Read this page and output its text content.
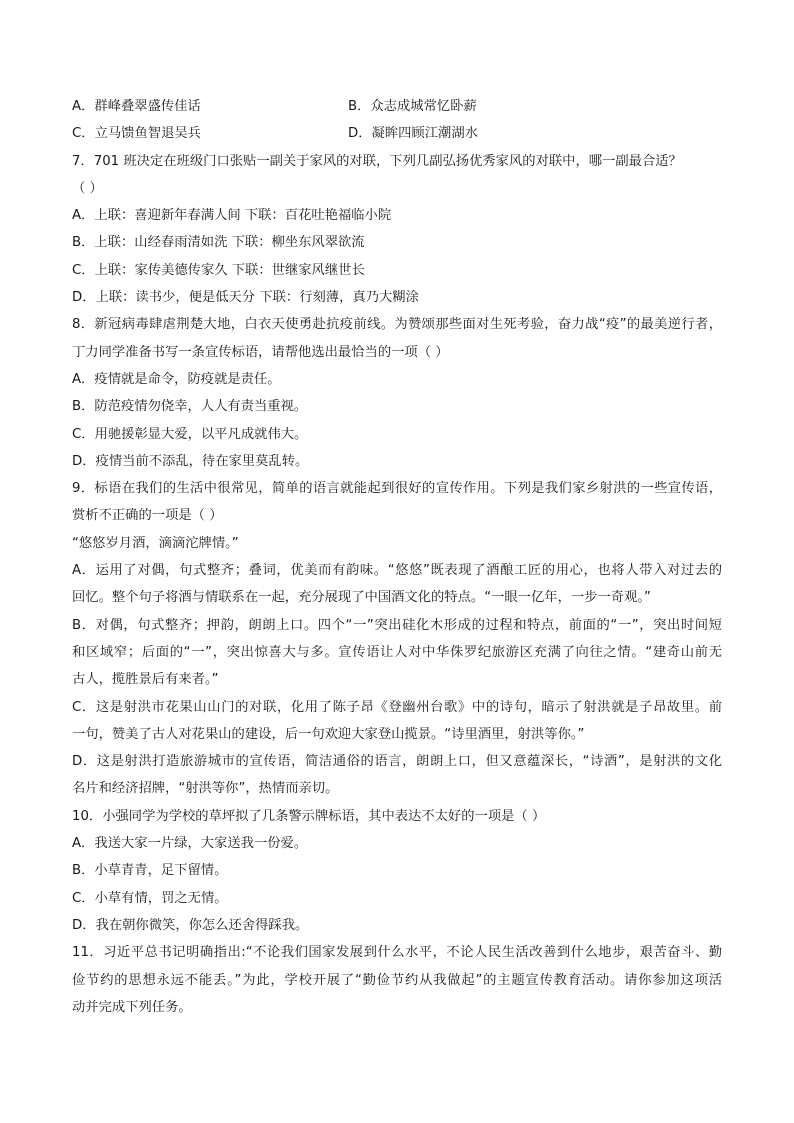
A．群峰叠翠盛传佳话	B．众志成城常忆卧薪
C．立马馈鱼智退吴兵	D．凝眸四顾江潮湖水
7．701 班决定在班级门口张贴一副关于家风的对联，下列几副弘扬优秀家风的对联中，哪一副最合适？
（ ）
A．上联：喜迎新年春满人间 下联：百花吐艳福临小院
B．上联：山经春雨清如洗 下联：柳坐东风翠欲流
C．上联：家传美德传家久 下联：世继家风继世长
D．上联：读书少，便是低天分 下联：行刻薄，真乃大糊涂
8．新冠病毒肆虐荆楚大地，白衣天使勇赴抗疫前线。为赞颂那些面对生死考验，奋力战“疫”的最美逆行者，
丁力同学准备书写一条宣传标语，请帮他选出最恰当的一项（ ）
A．疫情就是命令，防疫就是责任。
B．防范疫情勿侥幸，人人有责当重视。
C．用驰援彰显大爱，以平凡成就伟大。
D．疫情当前不添乱，待在家里莫乱转。
9．标语在我们的生活中很常见，简单的语言就能起到很好的宣传作用。下列是我们家乡射洪的一些宣传语，
赏析不正确的一项是（ ）
“悠悠岁月酒，滴滴沱牌情。”
A．运用了对偶，句式整齐；叠词，优美而有韵味。“悠悠”既表现了酒酿工匠的用心，也将人带入对过去的
回忆。整个句子将酒与情联系在一起，充分展现了中国酒文化的特点。“一眼一亿年，一步一奇观。”
B．对偶，句式整齐；押韵，朗朗上口。四个“一”突出硅化木形成的过程和特点，前面的“一”，突出时间短
和区域窄；后面的“一”，突出惊喜大与多。宣传语让人对中华侏罗纪旅游区充满了向往之情。“建奇山前无
古人，揽胜景后有来者。”
C．这是射洪市花果山山门的对联，化用了陈子昂《登幽州台歌》中的诗句，暗示了射洪就是子昂故里。前
一句，赞美了古人对花果山的建设，后一句欢迎大家登山揽景。“诗里酒里，射洪等你。”
D．这是射洪打造旅游城市的宣传语，简洁通俗的语言，朗朗上口，但又意蕴深长，“诗酒”，是射洪的文化
名片和经济招牌，“射洪等你”，热情而亲切。
10．小强同学为学校的草坪拟了几条警示牌标语，其中表达不太好的一项是（ ）
A．我送大家一片绿，大家送我一份爱。
B．小草青青，足下留情。
C．小草有情，罚之无情。
D．我在朝你微笑，你怎么还舍得踩我。
11．习近平总书记明确指出:“不论我们国家发展到什么水平，不论人民生活改善到什么地步，艰苦奋斗、勤
俭节约的思想永远不能丢。”为此，学校开展了“勤俭节约从我做起”的主题宣传教育活动。请你参加这项活
动并完成下列任务。
